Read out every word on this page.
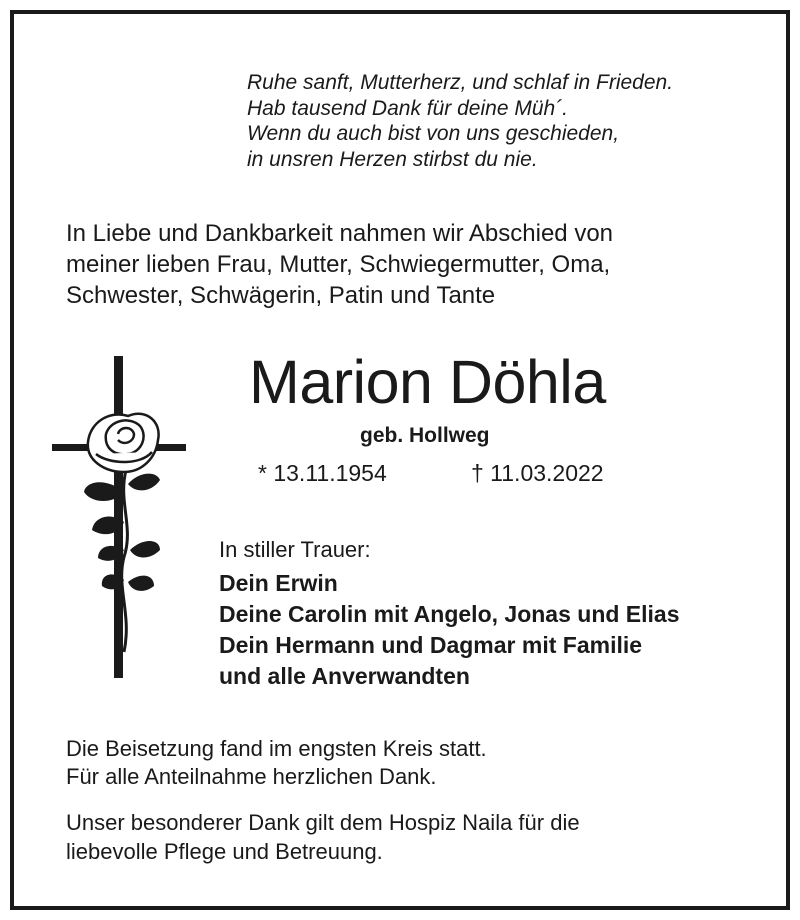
Ruhe sanft, Mutterherz, und schlaf in Frieden.
Hab tausend Dank für deine Müh´.
Wenn du auch bist von uns geschieden,
in unsren Herzen stirbst du nie.
In Liebe und Dankbarkeit nahmen wir Abschied von
meiner lieben Frau, Mutter, Schwiegermutter, Oma,
Schwester, Schwägerin, Patin und Tante
Marion Döhla
geb. Hollweg
* 13.11.1954	† 11.03.2022
In stiller Trauer:
Dein Erwin
Deine Carolin mit Angelo, Jonas und Elias
Dein Hermann und Dagmar mit Familie
und alle Anverwandten
Die Beisetzung fand im engsten Kreis statt.
Für alle Anteilnahme herzlichen Dank.
Unser besonderer Dank gilt dem Hospiz Naila für die
liebevolle Pflege und Betreuung.
